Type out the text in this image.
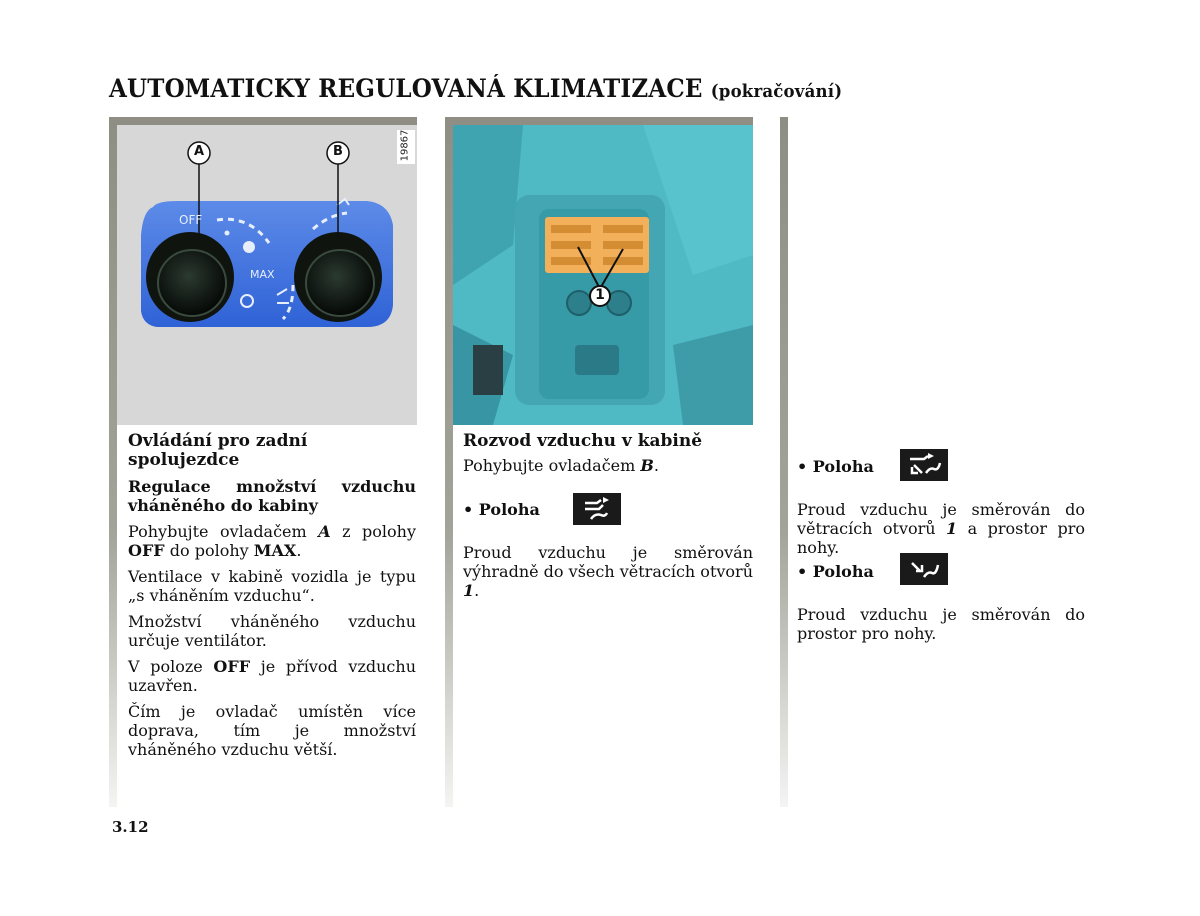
AUTOMATICKY REGULOVANÁ KLIMATIZACE (pokračování)
A	B
OFF
MAX
19867
1

Ovládání pro zadní spolujezdce

Regulace množství vzduchu vháněného do kabiny

Pohybujte ovladačem A z polohy OFF do polohy MAX.

Ventilace v kabině vozidla je typu „s vháněním vzduchu“.

Množství vháněného vzduchu určuje ventilátor.

V poloze OFF je přívod vzduchu uzavřen.

Čím je ovladač umístěn více doprava, tím je množství vháněného vzduchu větší.

Rozvod vzduchu v kabině

Pohybujte ovladačem B.

• Poloha
Proud vzduchu je směrován výhradně do všech větracích otvorů 1.
• Poloha
Proud vzduchu je směrován do větracích otvorů 1 a prostor pro nohy.
• Poloha
Proud vzduchu je směrován do prostor pro nohy.
3.12
